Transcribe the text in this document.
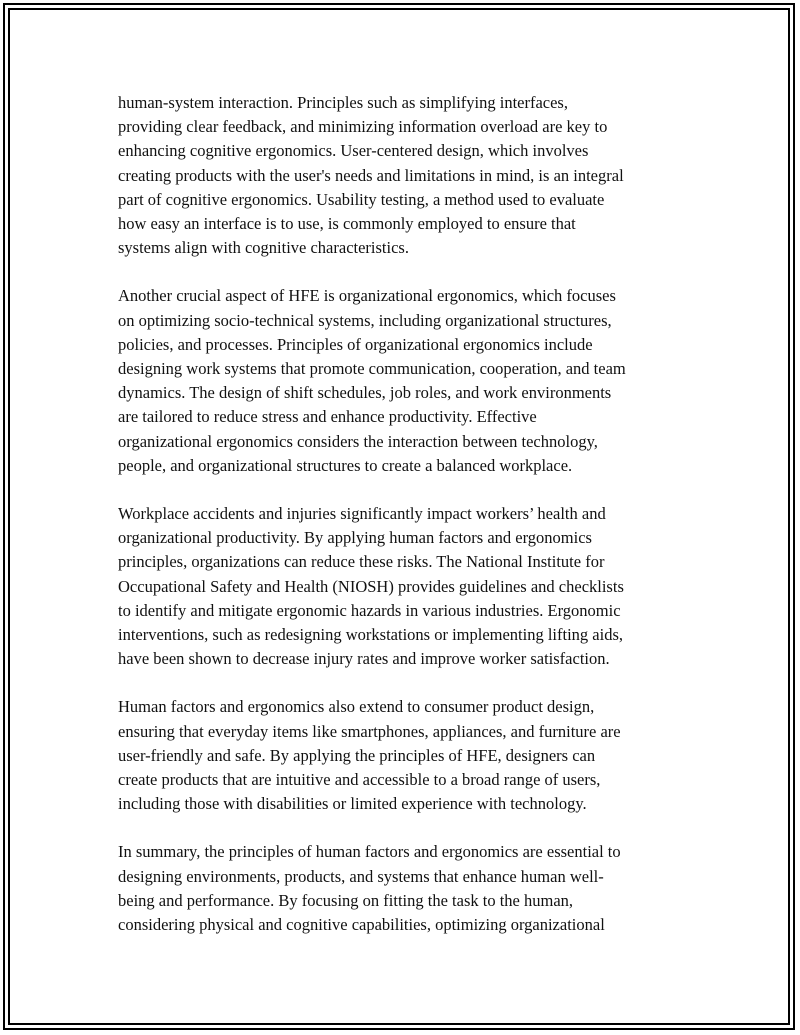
human-system interaction. Principles such as simplifying interfaces,
providing clear feedback, and minimizing information overload are key to
enhancing cognitive ergonomics. User-centered design, which involves
creating products with the user's needs and limitations in mind, is an integral
part of cognitive ergonomics. Usability testing, a method used to evaluate
how easy an interface is to use, is commonly employed to ensure that
systems align with cognitive characteristics.

Another crucial aspect of HFE is organizational ergonomics, which focuses
on optimizing socio-technical systems, including organizational structures,
policies, and processes. Principles of organizational ergonomics include
designing work systems that promote communication, cooperation, and team
dynamics. The design of shift schedules, job roles, and work environments
are tailored to reduce stress and enhance productivity. Effective
organizational ergonomics considers the interaction between technology,
people, and organizational structures to create a balanced workplace.

Workplace accidents and injuries significantly impact workers’ health and
organizational productivity. By applying human factors and ergonomics
principles, organizations can reduce these risks. The National Institute for
Occupational Safety and Health (NIOSH) provides guidelines and checklists
to identify and mitigate ergonomic hazards in various industries. Ergonomic
interventions, such as redesigning workstations or implementing lifting aids,
have been shown to decrease injury rates and improve worker satisfaction.

Human factors and ergonomics also extend to consumer product design,
ensuring that everyday items like smartphones, appliances, and furniture are
user-friendly and safe. By applying the principles of HFE, designers can
create products that are intuitive and accessible to a broad range of users,
including those with disabilities or limited experience with technology.

In summary, the principles of human factors and ergonomics are essential to
designing environments, products, and systems that enhance human well-
being and performance. By focusing on fitting the task to the human,
considering physical and cognitive capabilities, optimizing organizational
